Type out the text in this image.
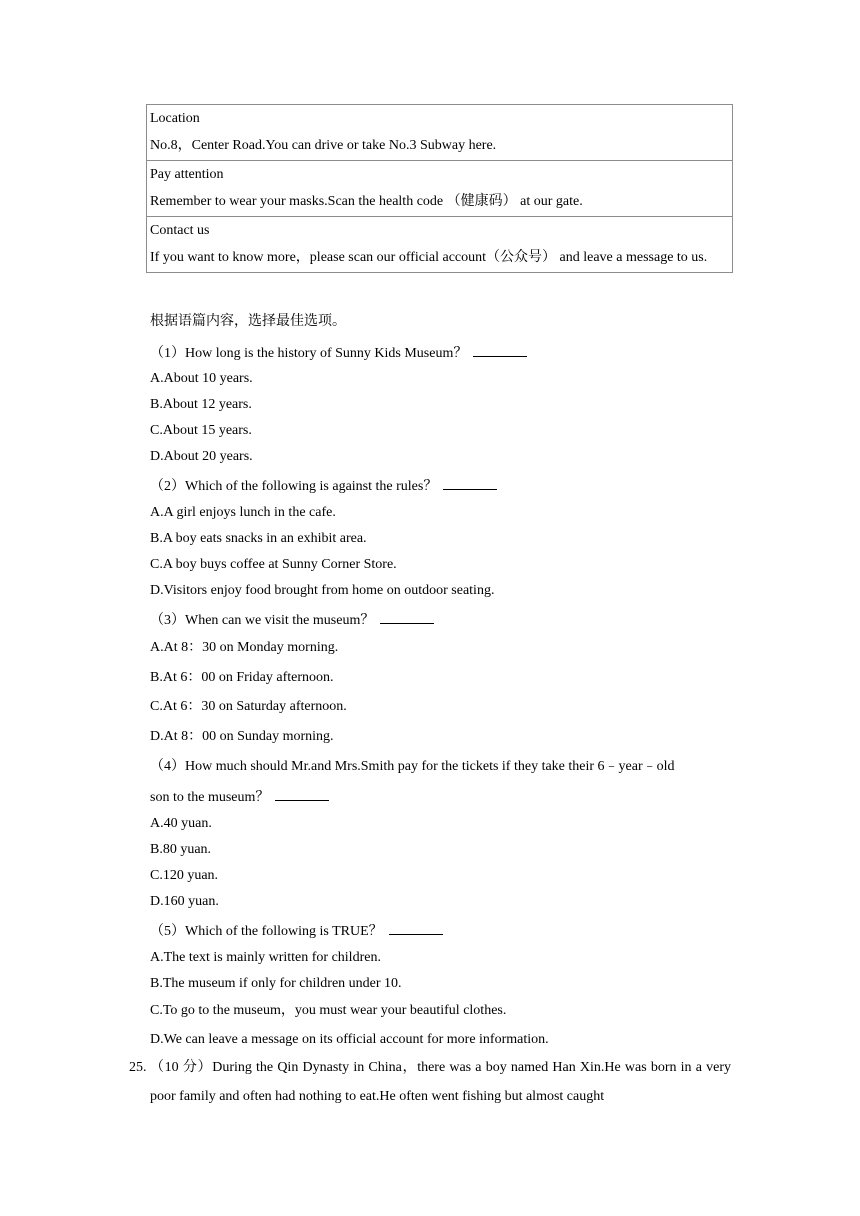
Location
No.8，Center Road.You can drive or take No.3 Subway here.

Pay attention
Remember to wear your masks.Scan the health code （健康码） at our gate.

Contact us
If you want to know more，please scan our official account（公众号） and leave a message to us.
根据语篇内容，选择最佳选项。
（1）How long is the history of Sunny Kids Museum？
A.About 10 years.
B.About 12 years.
C.About 15 years.
D.About 20 years.
（2）Which of the following is against the rules？
A.A girl enjoys lunch in the cafe.
B.A boy eats snacks in an exhibit area.
C.A boy buys coffee at Sunny Corner Store.
D.Visitors enjoy food brought from home on outdoor seating.
（3）When can we visit the museum？
A.At 8：30 on Monday morning.
B.At 6：00 on Friday afternoon.
C.At 6：30 on Saturday afternoon.
D.At 8：00 on Sunday morning.
（4）How much should Mr.and Mrs.Smith pay for the tickets if they take their 6﹣year﹣old
son to the museum？
A.40 yuan.
B.80 yuan.
C.120 yuan.
D.160 yuan.
（5）Which of the following is TRUE？
A.The text is mainly written for children.
B.The museum if only for children under 10.
C.To go to the museum，you must wear your beautiful clothes.
D.We can leave a message on its official account for more information.
25. （10 分）During the Qin Dynasty in China，there was a boy named Han Xin.He was born in a very poor family and often had nothing to eat.He often went fishing but almost caught
